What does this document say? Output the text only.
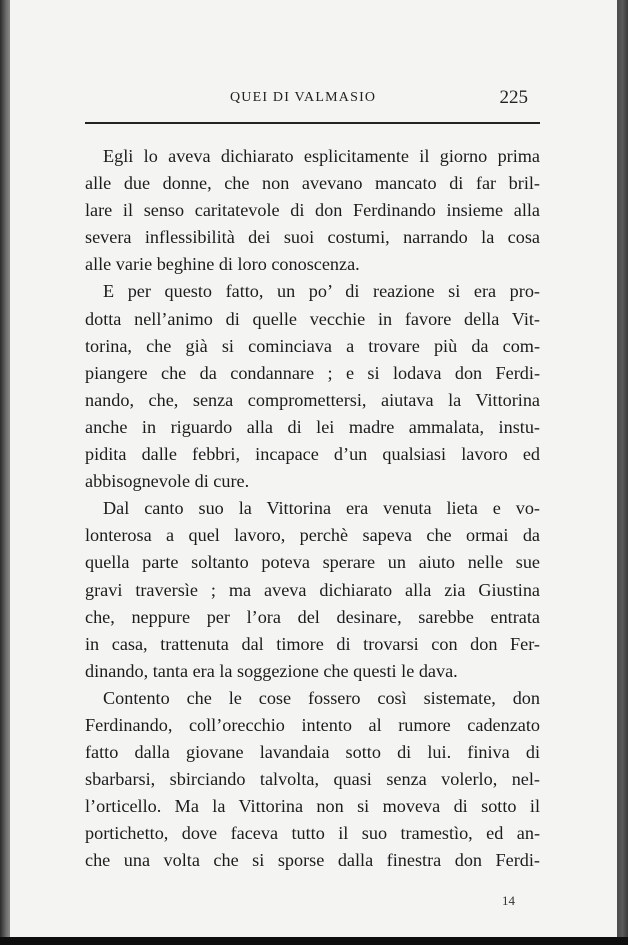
QUEI DI VALMASIO	225
Egli lo aveva dichiarato esplicitamente il giorno prima
alle due donne, che non avevano mancato di far bril-
lare il senso caritatevole di don Ferdinando insieme alla
severa inflessibilità dei suoi costumi, narrando la cosa
alle varie beghine di loro conoscenza.
E per questo fatto, un po’ di reazione si era pro-
dotta nell’animo di quelle vecchie in favore della Vit-
torina, che già si cominciava a trovare più da com-
piangere che da condannare ; e si lodava don Ferdi-
nando, che, senza compromettersi, aiutava la Vittorina
anche in riguardo alla di lei madre ammalata, instu-
pidita dalle febbri, incapace d’un qualsiasi lavoro ed
abbisognevole di cure.
Dal canto suo la Vittorina era venuta lieta e vo-
lonterosa a quel lavoro, perchè sapeva che ormai da
quella parte soltanto poteva sperare un aiuto nelle sue
gravi traversìe ; ma aveva dichiarato alla zia Giustina
che, neppure per l’ora del desinare, sarebbe entrata
in casa, trattenuta dal timore di trovarsi con don Fer-
dinando, tanta era la soggezione che questi le dava.
Contento che le cose fossero così sistemate, don
Ferdinando, coll’orecchio intento al rumore cadenzato
fatto dalla giovane lavandaia sotto di lui. finiva di
sbarbarsi, sbirciando talvolta, quasi senza volerlo, nel-
l’orticello. Ma la Vittorina non si moveva di sotto il
portichetto, dove faceva tutto il suo tramestìo, ed an-
che una volta che si sporse dalla finestra don Ferdi-
14
